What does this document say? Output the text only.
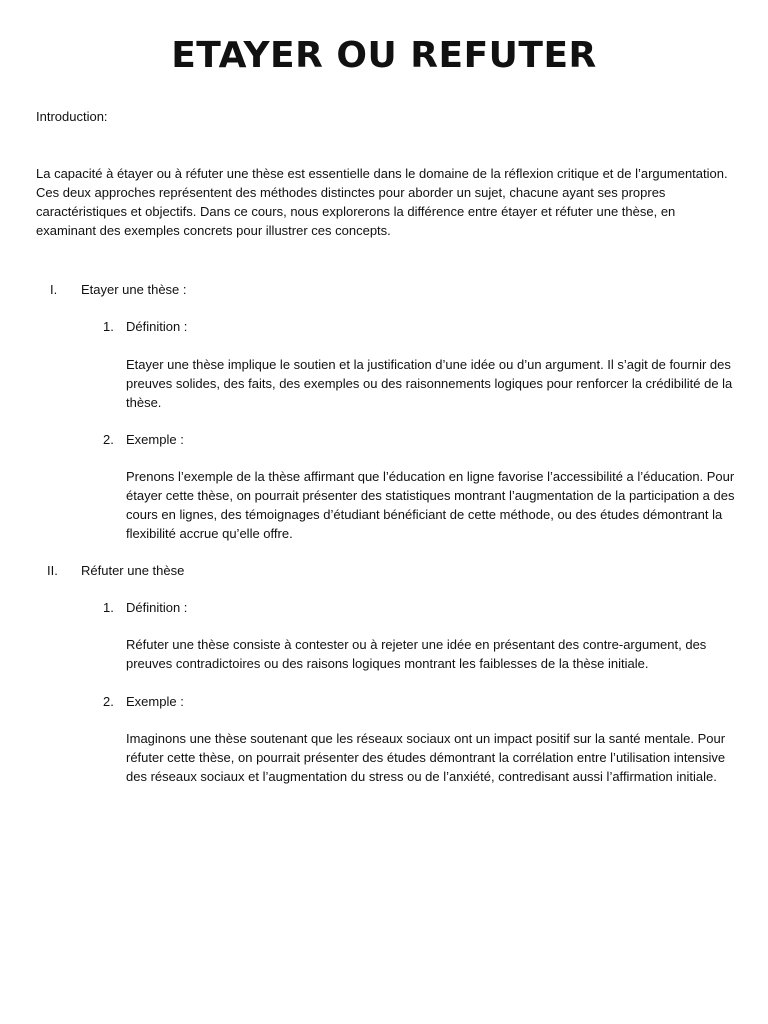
ETAYER OU REFUTER

Introduction:

La capacité à étayer ou à réfuter une thèse est essentielle dans le domaine de la réflexion critique et de l’argumentation. Ces deux approches représentent des méthodes distinctes pour aborder un sujet, chacune ayant ses propres caractéristiques et objectifs. Dans ce cours, nous explorerons la différence entre étayer et réfuter une thèse, en examinant des exemples concrets pour illustrer ces concepts.

I. Etayer une thèse :
1. Définition :

Etayer une thèse implique le soutien et la justification d’une idée ou d’un argument. Il s’agit de fournir des preuves solides, des faits, des exemples ou des raisonnements logiques pour renforcer la crédibilité de la thèse.

2. Exemple :

Prenons l’exemple de la thèse affirmant que l’éducation en ligne favorise l’accessibilité a l’éducation. Pour étayer cette thèse, on pourrait présenter des statistiques montrant l’augmentation de la participation a des cours en lignes, des témoignages d’étudiant bénéficiant de cette méthode, ou des études démontrant la flexibilité accrue qu’elle offre.

II. Réfuter une thèse
1. Définition :

Réfuter une thèse consiste à contester ou à rejeter une idée en présentant des contre-argument, des preuves contradictoires ou des raisons logiques montrant les faiblesses de la thèse initiale.

2. Exemple :

Imaginons une thèse soutenant que les réseaux sociaux ont un impact positif sur la santé mentale. Pour réfuter cette thèse, on pourrait présenter des études démontrant la corrélation entre l’utilisation intensive des réseaux sociaux et l’augmentation du stress ou de l’anxiété, contredisant aussi l’affirmation initiale.
